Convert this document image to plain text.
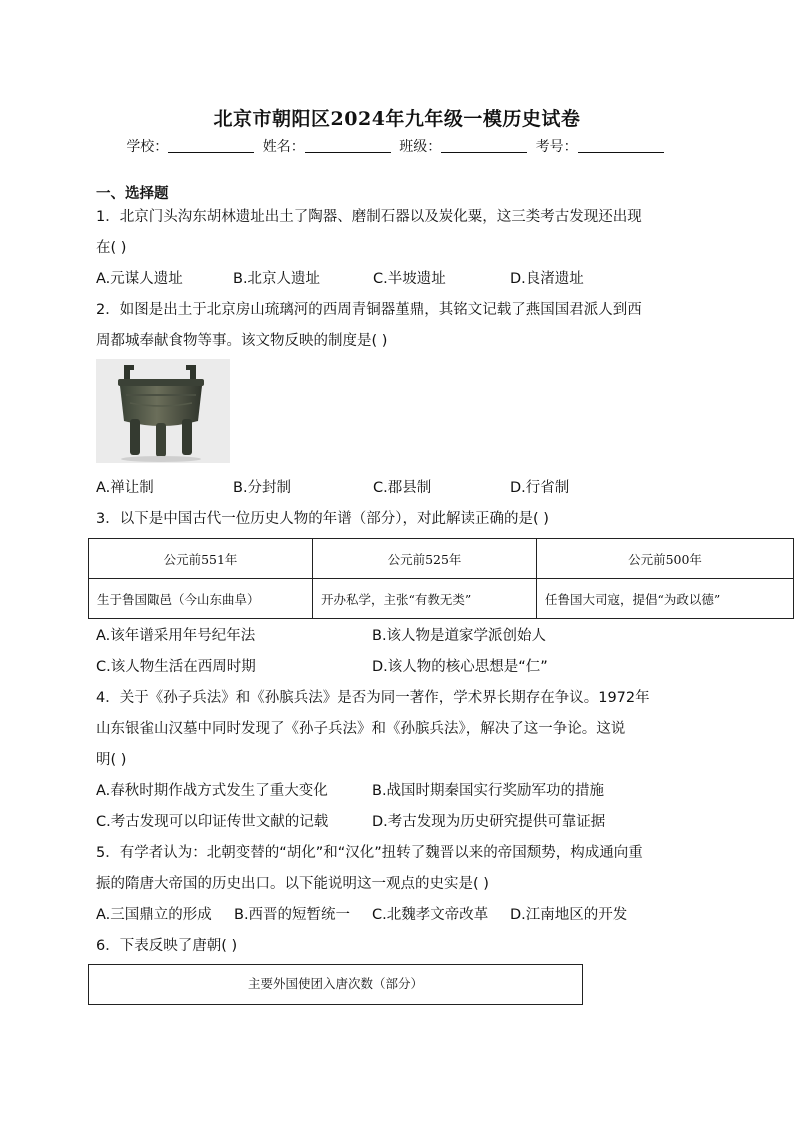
北京市朝阳区2024年九年级一模历史试卷
学校：	姓名：	班级：	考号：
一、选择题
1．北京门头沟东胡林遗址出土了陶器、磨制石器以及炭化粟，这三类考古发现还出现
在( )
A.元谋人遗址	B.北京人遗址	C.半坡遗址	D.良渚遗址
2．如图是出土于北京房山琉璃河的西周青铜器堇鼎，其铭文记载了燕国国君派人到西
周都城奉献食物等事。该文物反映的制度是( )
A.禅让制	B.分封制	C.郡县制	D.行省制
3．以下是中国古代一位历史人物的年谱（部分），对此解读正确的是( )
公元前551年	公元前525年	公元前500年
生于鲁国陬邑（今山东曲阜）	开办私学，主张“有教无类”	任鲁国大司寇，提倡“为政以德”
A.该年谱采用年号纪年法	B.该人物是道家学派创始人
C.该人物生活在西周时期	D.该人物的核心思想是“仁”
4．关于《孙子兵法》和《孙膑兵法》是否为同一著作，学术界长期存在争议。1972年
山东银雀山汉墓中同时发现了《孙子兵法》和《孙膑兵法》，解决了这一争论。这说
明( )
A.春秋时期作战方式发生了重大变化	B.战国时期秦国实行奖励军功的措施
C.考古发现可以印证传世文献的记载	D.考古发现为历史研究提供可靠证据
5．有学者认为：北朝变替的“胡化”和“汉化”扭转了魏晋以来的帝国颓势，构成通向重
振的隋唐大帝国的历史出口。以下能说明这一观点的史实是( )
A.三国鼎立的形成 B.西晋的短暂统一 C.北魏孝文帝改革 D.江南地区的开发
6．下表反映了唐朝( )
主要外国使团入唐次数（部分）
